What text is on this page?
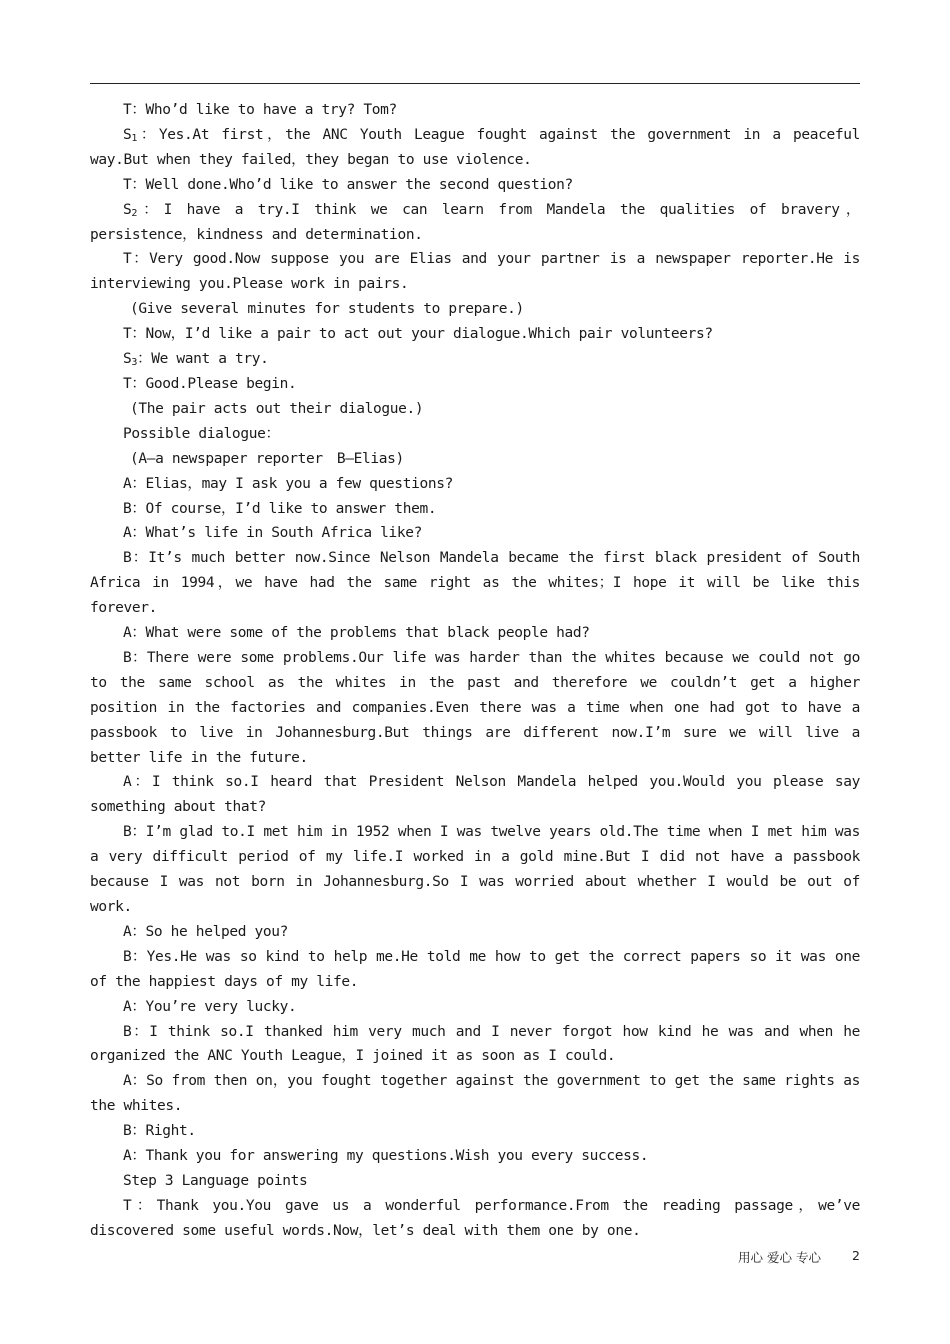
T：Who’d like to have a try? Tom?

$S_1$：Yes.At first，the ANC Youth League fought against the government in a peaceful way.But when they failed，they began to use violence.

T：Well done.Who’d like to answer the second question?

$S_2$：I have a try.I think we can learn from Mandela the qualities of bravery，persistence，kindness and determination.

T：Very good.Now suppose you are Elias and your partner is a newspaper reporter.He is interviewing you.Please work in pairs.

(Give several minutes for students to prepare.)

T：Now，I’d like a pair to act out your dialogue.Which pair volunteers?

$S_3$：We want a try.

T：Good.Please begin.

(The pair acts out their dialogue.)

Possible dialogue：

(A—a newspaper reporter　B—Elias)

A：Elias，may I ask you a few questions?

B：Of course，I’d like to answer them.

A：What’s life in South Africa like?

B：It’s much better now.Since Nelson Mandela became the first black president of South Africa in 1994，we have had the same right as the whites；I hope it will be like this forever.

A：What were some of the problems that black people had?

B：There were some problems.Our life was harder than the whites because we could not go to the same school as the whites in the past and therefore we couldn’t get a higher position in the factories and companies.Even there was a time when one had got to have a passbook to live in Johannesburg.But things are different now.I’m sure we will live a better life in the future.

A：I think so.I heard that President Nelson Mandela helped you.Would you please say something about that?

B：I’m glad to.I met him in 1952 when I was twelve years old.The time when I met him was a very difficult period of my life.I worked in a gold mine.But I did not have a passbook because I was not born in Johannesburg.So I was worried about whether I would be out of work.

A：So he helped you?

B：Yes.He was so kind to help me.He told me how to get the correct papers so it was one of the happiest days of my life.

A：You’re very lucky.

B：I think so.I thanked him very much and I never forgot how kind he was and when he organized the ANC Youth League，I joined it as soon as I could.

A：So from then on，you fought together against the government to get the same rights as the whites.

B：Right.

A：Thank you for answering my questions.Wish you every success.

Step 3 Language points

T：Thank you.You gave us a wonderful performance.From the reading passage，we’ve discovered some useful words.Now，let’s deal with them one by one.

用心 爱心 专心 2
